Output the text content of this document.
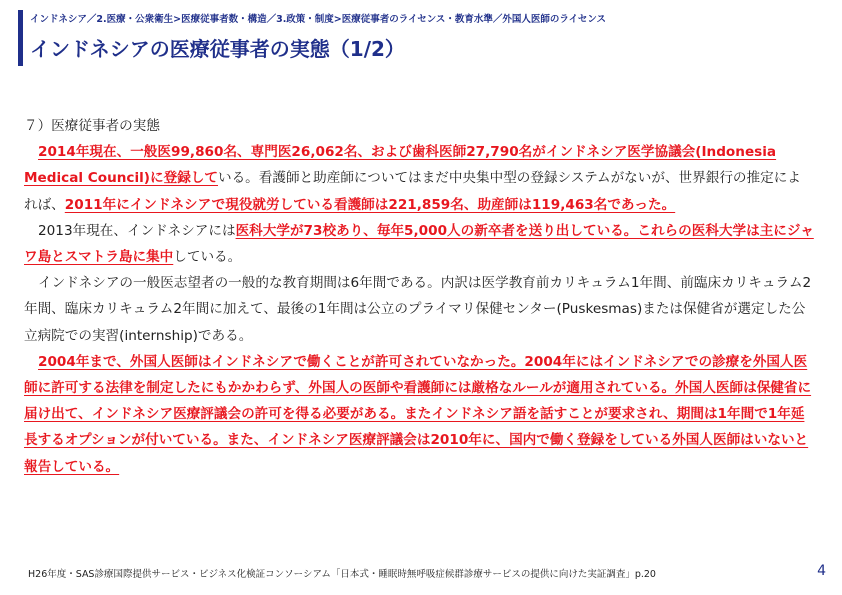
インドネシア／2.医療・公衆衛生>医療従事者数・構造／3.政策・制度>医療従事者のライセンス・教育水準／外国人医師のライセンス
インドネシアの医療従事者の実態（1/2）

７）医療従事者の実態

2014年現在、一般医99,860名、専門医26,062名、および歯科医師27,790名がインドネシア医学協議会(Indonesia Medical Council)に登録している。看護師と助産師についてはまだ中央集中型の登録システムがないが、世界銀行の推定によれば、2011年にインドネシアで現役就労している看護師は221,859名、助産師は119,463名であった。

2013年現在、インドネシアには医科大学が73校あり、毎年5,000人の新卒者を送り出している。これらの医科大学は主にジャワ島とスマトラ島に集中している。

インドネシアの一般医志望者の一般的な教育期間は6年間である。内訳は医学教育前カリキュラム1年間、前臨床カリキュラム2年間、臨床カリキュラム2年間に加えて、最後の1年間は公立のプライマリ保健センター(Puskesmas)または保健省が選定した公立病院での実習(internship)である。

2004年まで、外国人医師はインドネシアで働くことが許可されていなかった。2004年にはインドネシアでの診療を外国人医師に許可する法律を制定したにもかかわらず、外国人の医師や看護師には厳格なルールが適用されている。外国人医師は保健省に届け出て、インドネシア医療評議会の許可を得る必要がある。またインドネシア語を話すことが要求され、期間は1年間で1年延長するオプションが付いている。また、インドネシア医療評議会は2010年に、国内で働く登録をしている外国人医師はいないと報告している。

H26年度・SAS診療国際提供サービス・ビジネス化検証コンソーシアム「日本式・睡眠時無呼吸症候群診療サービスの提供に向けた実証調査」p.20	4
